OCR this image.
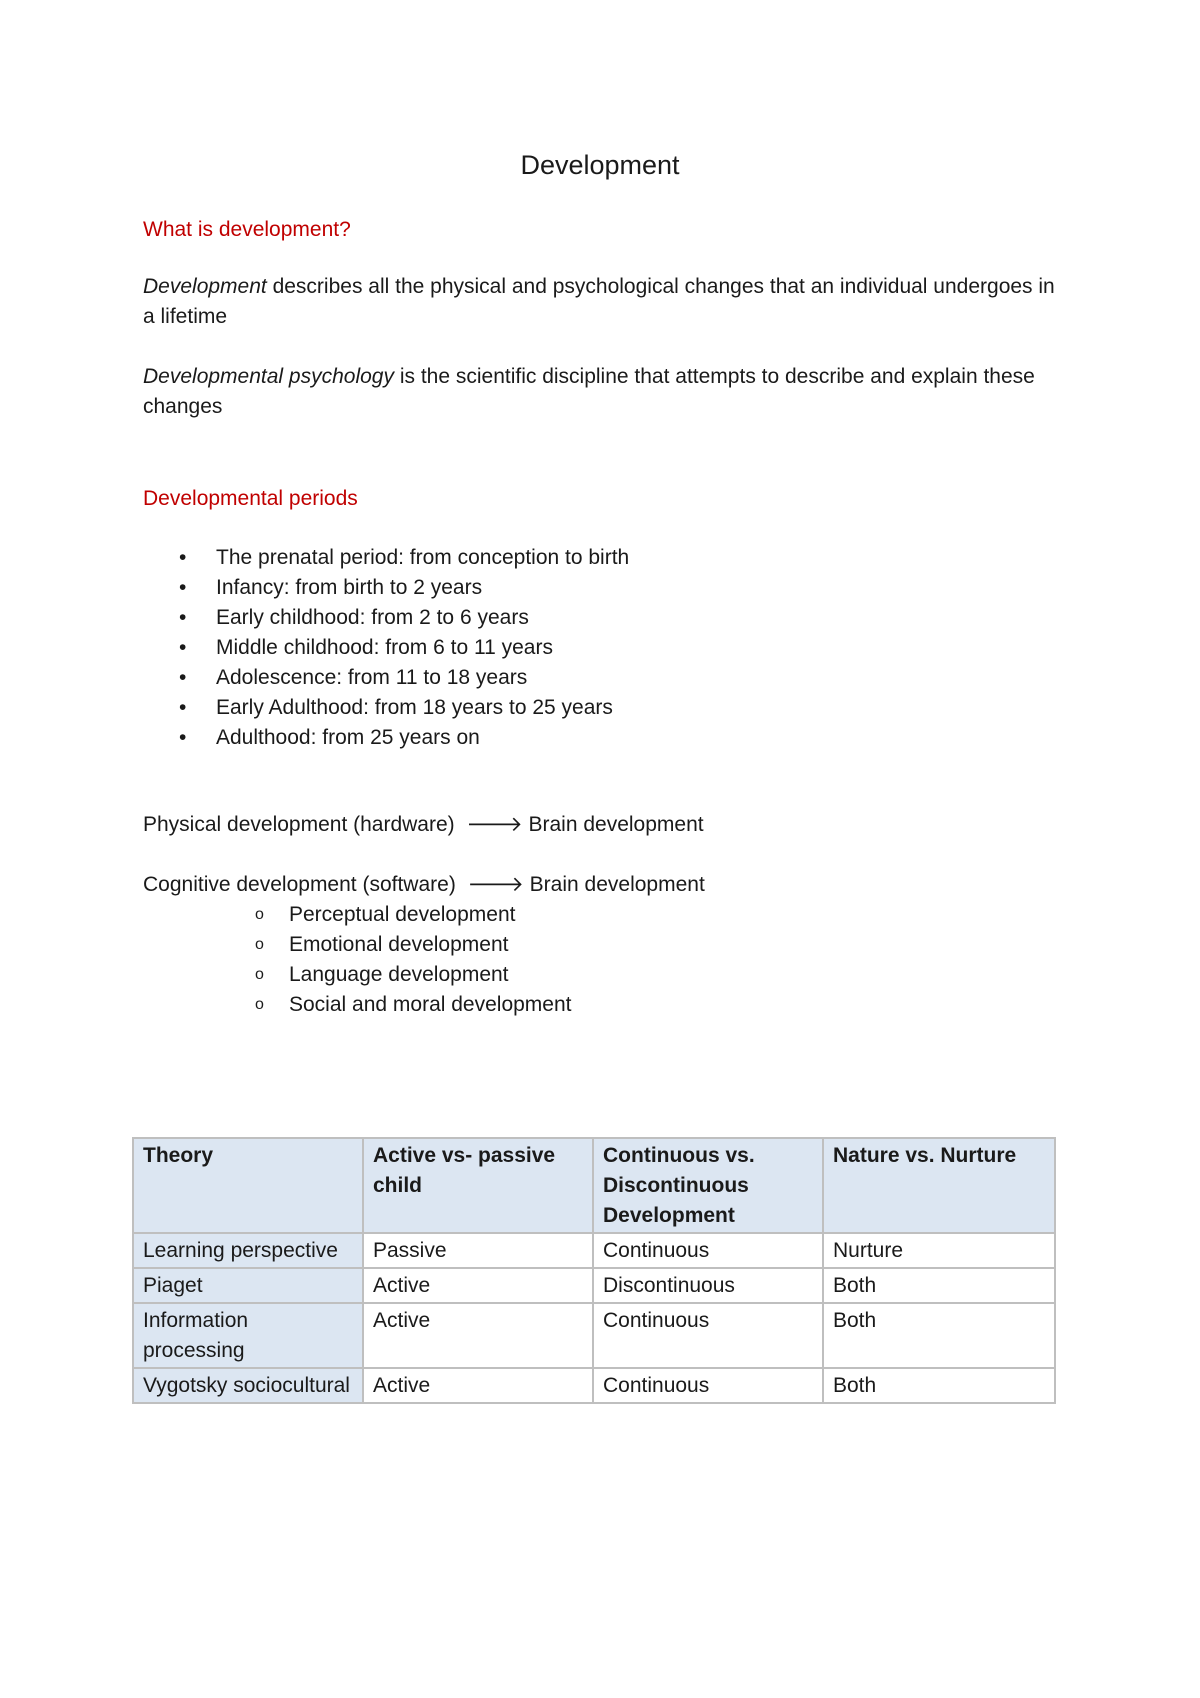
Development
What is development?

Development describes all the physical and psychological changes that an individual undergoes in a lifetime

Developmental psychology is the scientific discipline that attempts to describe and explain these changes

Developmental periods
• The prenatal period: from conception to birth
• Infancy: from birth to 2 years
• Early childhood: from 2 to 6 years
• Middle childhood: from 6 to 11 years
• Adolescence: from 11 to 18 years
• Early Adulthood: from 18 years to 25 years
• Adulthood: from 25 years on

Physical development (hardware) 🡒 Brain development

Cognitive development (software) 🡒 Brain development

o Perceptual development
o Emotional development
o Language development
o Social and moral development
Theory	Active vs- passive child	Continuous vs. Discontinuous Development	Nature vs. Nurture
Learning perspective	Passive	Continuous	Nurture
Piaget	Active	Discontinuous	Both
Information processing	Active	Continuous	Both
Vygotsky sociocultural	Active	Continuous	Both
